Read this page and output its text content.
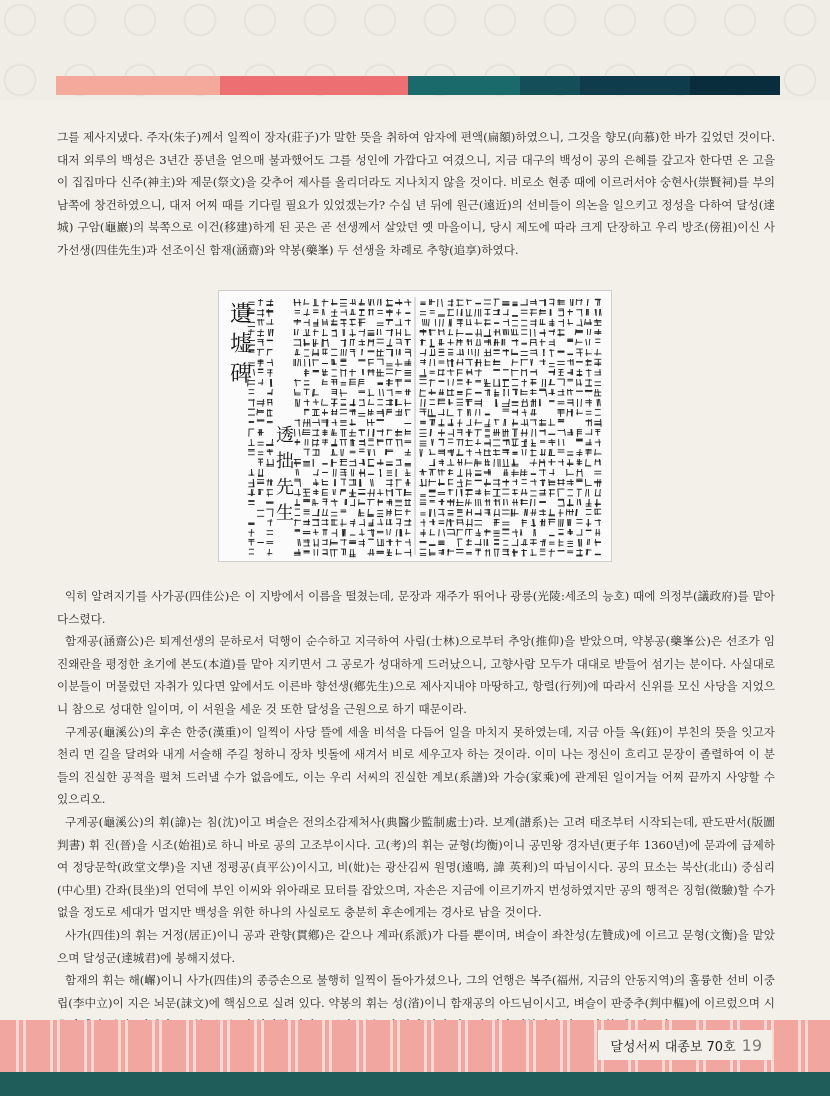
그를 제사지냈다. 주자(朱子)께서 일찍이 장자(莊子)가 말한 뜻을 취하여 암자에 편액(扁額)하였으니, 그것을 향모(向慕)한 바가 깊었던 것이다. 대저 외루의 백성은 3년간 풍년을 얻으매 불과했어도 그를 성인에 가깝다고 여겼으니, 지금 대구의 백성이 공의 은혜를 갚고자 한다면 온 고을이 집집마다 신주(神主)와 제문(祭文)을 갖추어 제사를 올리더라도 지나치지 않을 것이다. 비로소 현종 때에 이르러서야 숭현사(崇賢祠)를 부의 남쪽에 창건하였으니, 대저 어찌 때를 기다릴 필요가 있었겠는가? 수십 년 뒤에 원근(遠近)의 선비들이 의논을 일으키고 정성을 다하여 달성(達城) 구암(龜巖)의 북쪽으로 이건(移建)하게 된 곳은 곧 선생께서 살았던 옛 마을이니, 당시 제도에 따라 크게 단장하고 우리 방조(傍祖)이신 사가선생(四佳先生)과 선조이신 함재(涵齋)와 약봉(藥峯) 두 선생을 차례로 추향(追享)하였다.

遺
墟
碑
透
拙
先
生

익히 알려지기를 사가공(四佳公)은 이 지방에서 이름을 떨쳤는데, 문장과 재주가 뛰어나 광릉(光陵:세조의 능호) 때에 의정부(議政府)를 맡아 다스렸다.

함재공(涵齋公)은 퇴계선생의 문하로서 덕행이 순수하고 지극하여 사림(士林)으로부터 추앙(推仰)을 받았으며, 약봉공(藥峯公)은 선조가 임진왜란을 평정한 초기에 본도(本道)를 맡아 지키면서 그 공로가 성대하게 드러났으니, 고향사람 모두가 대대로 받들어 섬기는 분이다. 사실대로 이분들이 머물렀던 자취가 있다면 앞에서도 이른바 향선생(鄕先生)으로 제사지내야 마땅하고, 항렬(行列)에 따라서 신위를 모신 사당을 지었으니 참으로 성대한 일이며, 이 서원을 세운 것 또한 달성을 근원으로 하기 때문이라.

구계공(龜溪公)의 후손 한중(漢重)이 일찍이 사당 뜰에 세울 비석을 다듬어 일을 마치지 못하였는데, 지금 아들 옥(鈺)이 부친의 뜻을 잇고자 천리 먼 길을 달려와 내게 서술해 주길 청하니 장차 빗돌에 새겨서 비로 세우고자 하는 것이라. 이미 나는 정신이 흐리고 문장이 졸렬하여 이 분들의 진실한 공적을 펼쳐 드러낼 수가 없음에도, 이는 우리 서씨의 진실한 계보(系譜)와 가승(家乘)에 관계된 일이거늘 어찌 끝까지 사양할 수 있으리오.

구계공(龜溪公)의 휘(諱)는 침(沈)이고 벼슬은 전의소감제처사(典醫少監制處士)라. 보계(譜系)는 고려 태조부터 시작되는데, 판도판서(版圖判書) 휘 진(晉)을 시조(始祖)로 하니 바로 공의 고조부이시다. 고(考)의 휘는 균형(均衡)이니 공민왕 경자년(更子年 1360년)에 문과에 급제하여 정당문학(政堂文學)을 지낸 정평공(貞平公)이시고, 비(妣)는 광산김씨 원명(遠鳴, 諱 英利)의 따님이시다. 공의 묘소는 북산(北山) 중심리(中心里) 간좌(艮坐)의 언덕에 부인 이씨와 위아래로 묘터를 잡았으며, 자손은 지금에 이르기까지 번성하였지만 공의 행적은 징험(徵驗)할 수가 없을 정도로 세대가 멀지만 백성을 위한 하나의 사실로도 충분히 후손에게는 경사로 남을 것이다.

사가(四佳)의 휘는 거정(居正)이니 공과 관향(貫鄕)은 같으나 계파(系派)가 다를 뿐이며, 벼슬이 좌찬성(左贊成)에 이르고 문형(文衡)을 맡았으며 달성군(達城君)에 봉해지셨다.

함재의 휘는 해(嶰)이니 사가(四佳)의 종증손으로 불행히 일찍이 돌아가셨으나, 그의 언행은 복주(福州, 지금의 안동지역)의 훌륭한 선비 이중립(李中立)이 지은 뇌문(誄文)에 핵심으로 실려 있다. 약봉의 휘는 성(渻)이니 함재공의 아드님이시고, 벼슬이 판중추(判中樞)에 이르렀으며 시

달성서씨 대종보 70호 19
